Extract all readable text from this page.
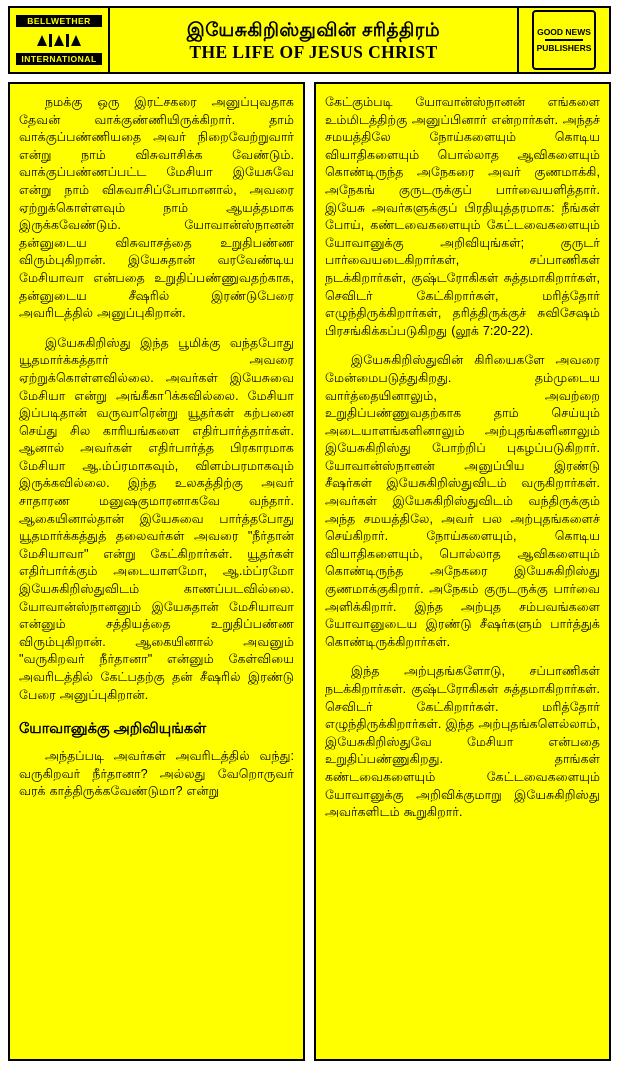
BELLWETHER
INTERNATIONAL
இயேசுகிறிஸ்துவின் சரித்திரம்
THE LIFE OF JESUS CHRIST
GOOD NEWS
PUBLISHERS

நமக்கு ஒரு இரட்சகரை அனுப்புவதாக தேவன் வாக்குண்ணியிருக்கிறார். தாம் வாக்குப்பண்ணியதை அவர் நிறைவேற்றுவார் என்று நாம் விசுவாசிக்க வேண்டும். வாக்குப்பண்ணப்பட்ட மேசியா இயேசுவே என்று நாம் விசுவாசிப்போமானால், அவரை ஏற்றுக்கொள்ளவும் நாம் ஆயத்தமாக இருக்கவேண்டும். யோவான்ஸ்நானன் தன்னுடைய விசுவாசத்தை உறுதிபண்ண விரும்புகிறான். இயேசுதான் வரவேண்டிய மேசியாவா என்பதை உறுதிப்பண்ணுவதற்காக, தன்னுடைய சீஷரில் இரண்டுபேரை அவரிடத்தில் அனுப்புகிறான்.

இயேசுகிறிஸ்து இந்த பூமிக்கு வந்தபோது யூதமார்க்கத்தார் அவரை ஏற்றுக்கொள்ளவில்லை. அவர்கள் இயேசுவை மேசியா என்று அங்கீகாிக்கவில்லை. மேசியா இப்படிதான் வருவாரென்று யூதர்கள் கற்பனை செய்து சில காரியங்களை எதிர்பார்த்தார்கள். ஆனால் அவர்கள் எதிர்பார்த்த பிரகாரமாக மேசியா ஆ.ம்ப்ரமாகவும், விளம்பரமாகவும் இருக்கவில்லை. இந்த உலகத்திற்கு அவர் சாதாரண மனுஷகுமாரனாகவே வந்தார். ஆகையினால்தான் இயேசுவை பார்த்தபோது யூதமார்க்கத்துத் தலைவர்கள் அவரை "நீர்தான் மேசியாவா" என்று கேட்கிறார்கள். யூதர்கள் எதிர்பார்க்கும் அடையாளமோ, ஆ.ம்ப்ரமோ இயேசுகிறிஸ்துவிடம் காணப்படவில்லை. யோவான்ஸ்நானனும் இயேசுதான் மேசியாவா என்னும் சத்தியத்தை உறுதிப்பண்ண விரும்புகிறான். ஆகையினால் அவனும் "வருகிறவர் நீர்தானா" என்னும் கேள்வியை அவரிடத்தில் கேட்பதற்கு தன் சீஷரில் இரண்டு பேரை அனுப்புகிறான்.

யோவானுக்கு அறிவியுங்கள்

அந்தப்படி அவர்கள் அவரிடத்தில் வந்து: வருகிறவர் நீர்தானா? அல்லது வேறொருவர் வரக் காத்திருக்கவேண்டுமா? என்று

கேட்கும்படி யோவான்ஸ்நானன் எங்களை உம்மிடத்திற்கு அனுப்பினார் என்றார்கள். அந்தச் சமயத்திலே நோய்களையும் கொடிய வியாதிகளையும் பொல்லாத ஆவிகளையும் கொண்டிருந்த அநேகரை அவர் குணமாக்கி, அநேகங் குருடருக்குப் பார்வையளித்தார். இயேசு அவர்களுக்குப் பிரதியுத்தரமாக: நீங்கள் போய், கண்டவைகளையும் கேட்டவைகளையும் யோவானுக்கு அறிவியுங்கள்; குருடர் பார்வையடைகிறார்கள், சப்பாணிகள் நடக்கிறார்கள், குஷ்டரோகிகள் சுத்தமாகிறார்கள், செவிடர் கேட்கிறார்கள், மரித்தோர் எழுந்திருக்கிறார்கள், தரித்திருக்குச் சுவிசேஷம் பிரசங்கிக்கப்படுகிறது (லூக் 7:20-22).

இயேசுகிறிஸ்துவின் கிரியைகளே அவரை மேன்மைபடுத்துகிறது. தம்முடைய வார்த்தையினாலும், அவற்றை உறுதிப்பண்ணுவதற்காக தாம் செய்யும் அடையாளங்களினாலும் அற்புதங்களினாலும் இயேசுகிறிஸ்து போற்றிப் புகழப்படுகிறார். யோவான்ஸ்நானன் அனுப்பிய இரண்டு சீஷர்கள் இயேசுகிறிஸ்துவிடம் வருகிறார்கள். அவர்கள் இயேசுகிறிஸ்துவிடம் வந்திருக்கும் அந்த சமயத்திலே, அவர் பல அற்புதங்களைச் செய்கிறார். நோய்களையும், கொடிய வியாதிகளையும், பொல்லாத ஆவிகளையும் கொண்டிருந்த அநேகரை இயேசுகிறிஸ்து குணமாக்குகிறார். அநேகம் குருடருக்கு பார்வை அளிக்கிறார். இந்த அற்புத சம்பவங்களை யோவானுடைய இரண்டு சீஷர்களும் பார்த்துக் கொண்டிருக்கிறார்கள்.

இந்த அற்புதங்களோடு, சப்பாணிகள் நடக்கிறார்கள். குஷ்டரோகிகள் சுத்தமாகிறார்கள். செவிடர் கேட்கிறார்கள். மரித்தோர் எழுந்திருக்கிறார்கள். இந்த அற்புதங்களெல்லாம், இயேசுகிறிஸ்துவே மேசியா என்பதை உறுதிப்பண்ணுகிறது. தாங்கள் கண்டவைகளையும் கேட்டவைகளையும் யோவானுக்கு அறிவிக்குமாறு இயேசுகிறிஸ்து அவர்களிடம் கூறுகிறார்.
